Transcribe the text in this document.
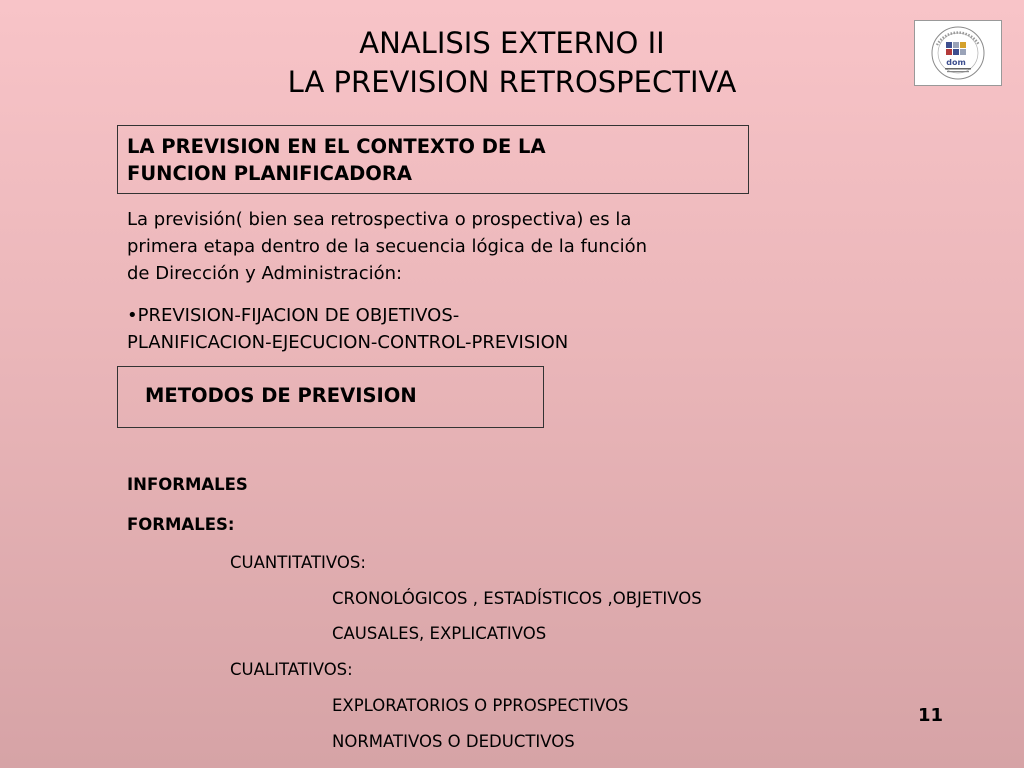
ANALISIS EXTERNO II
LA PREVISION RETROSPECTIVA
dom
LA PREVISION EN EL CONTEXTO DE LA
FUNCION PLANIFICADORA
La previsión( bien sea retrospectiva o prospectiva) es la
primera etapa dentro de la secuencia lógica de la función
de Dirección y Administración:
•PREVISION-FIJACION DE OBJETIVOS-
PLANIFICACION-EJECUCION-CONTROL-PREVISION
METODOS DE PREVISION
INFORMALES
FORMALES:
CUANTITATIVOS:
CRONOLÓGICOS , ESTADÍSTICOS ,OBJETIVOS
CAUSALES, EXPLICATIVOS
CUALITATIVOS:
EXPLORATORIOS O PPROSPECTIVOS
NORMATIVOS O DEDUCTIVOS
11
